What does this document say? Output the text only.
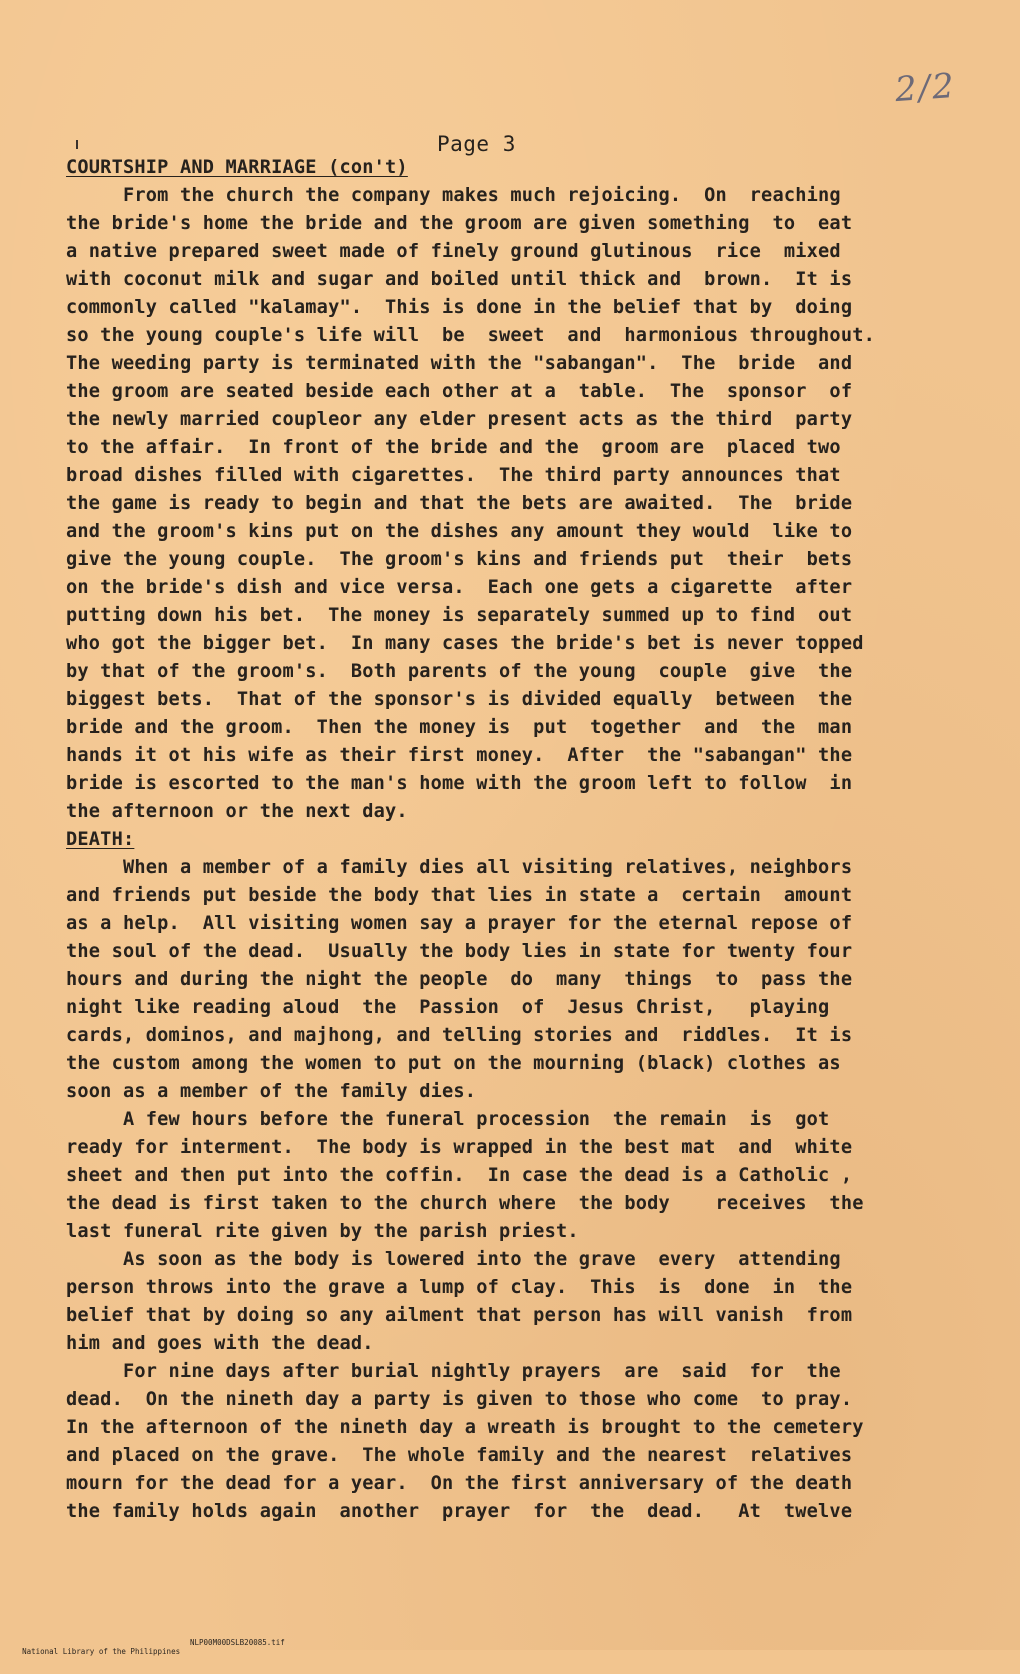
2/2
Page 3
COURTSHIP AND MARRIAGE (con't)
From the church the company makes much rejoicing.  On  reaching
the bride's home the bride and the groom are given something  to  eat
a native prepared sweet made of finely ground glutinous  rice  mixed
with coconut milk and sugar and boiled until thick and  brown.  It is
commonly called "kalamay".  This is done in the belief that by  doing
so the young couple's life will  be  sweet  and  harmonious throughout.
The weeding party is terminated with the "sabangan".  The  bride  and
the groom are seated beside each other at a  table.  The  sponsor  of
the newly married coupleor any elder present acts as the third  party
to the affair.  In front of the bride and the  groom are  placed two
broad dishes filled with cigarettes.  The third party announces that
the game is ready to begin and that the bets are awaited.  The  bride
and the groom's kins put on the dishes any amount they would  like to
give the young couple.  The groom's kins and friends put  their  bets
on the bride's dish and vice versa.  Each one gets a cigarette  after
putting down his bet.  The money is separately summed up to find  out
who got the bigger bet.  In many cases the bride's bet is never topped
by that of the groom's.  Both parents of the young  couple  give  the
biggest bets.  That of the sponsor's is divided equally  between  the
bride and the groom.  Then the money is  put  together  and  the  man
hands it ot his wife as their first money.  After  the "sabangan" the
bride is escorted to the man's home with the groom left to follow  in
the afternoon or the next day.
DEATH:
When a member of a family dies all visiting relatives, neighbors
and friends put beside the body that lies in state a  certain  amount
as a help.  All visiting women say a prayer for the eternal repose of
the soul of the dead.  Usually the body lies in state for twenty four
hours and during the night the people  do  many  things  to  pass the
night like reading aloud  the  Passion  of  Jesus Christ,   playing
cards, dominos, and majhong, and telling stories and  riddles.  It is
the custom among the women to put on the mourning (black) clothes as
soon as a member of the family dies.
A few hours before the funeral procession  the remain  is  got
ready for interment.  The body is wrapped in the best mat  and  white
sheet and then put into the coffin.  In case the dead is a Catholic ,
the dead is first taken to the church where  the body    receives  the
last funeral rite given by the parish priest.
As soon as the body is lowered into the grave  every  attending
person throws into the grave a lump of clay.  This  is  done  in  the
belief that by doing so any ailment that person has will vanish  from
him and goes with the dead.
For nine days after burial nightly prayers  are  said  for  the
dead.  On the nineth day a party is given to those who come  to pray.
In the afternoon of the nineth day a wreath is brought to the cemetery
and placed on the grave.  The whole family and the nearest  relatives
mourn for the dead for a year.  On the first anniversary of the death
the family holds again  another  prayer  for  the  dead.   At  twelve

National Library of the Philippines

NLP00M00DSLB20085.tif
